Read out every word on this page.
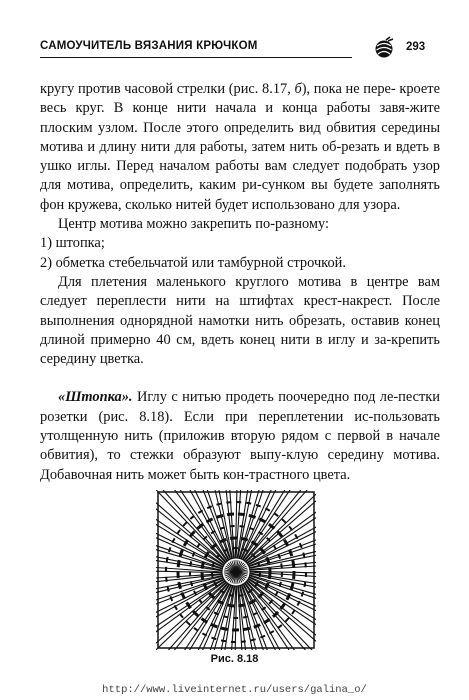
САМОУЧИТЕЛЬ ВЯЗАНИЯ КРЮЧКОМ	293

кругу против часовой стрелки (рис. 8.17, б), пока не пере- кроете весь круг. В конце нити начала и конца работы завя-жите плоским узлом. После этого определить вид обвития середины мотива и длину нити для работы, затем нить об-резать и вдеть в ушко иглы. Перед началом работы вам следует подобрать узор для мотива, определить, каким ри-сунком вы будете заполнять фон кружева, сколько нитей будет использовано для узора.

Центр мотива можно закрепить по-разному:

1) штопка;

2) обметка стебельчатой или тамбурной строчкой.

Для плетения маленького круглого мотива в центре вам следует переплести нити на штифтах крест-накрест. После выполнения однорядной намотки нить обрезать, оставив конец длиной примерно 40 см, вдеть конец нити в иглу и за-крепить середину цветка.

«Штопка». Иглу с нитью продеть поочередно под ле-пестки розетки (рис. 8.18). Если при переплетении ис-пользовать утолщенную нить (приложив вторую рядом с первой в начале обвития), то стежки образуют выпу-клую середину мотива. Добавочная нить может быть кон-трастного цвета.

Рис. 8.18
http://www.liveinternet.ru/users/galina_o/
